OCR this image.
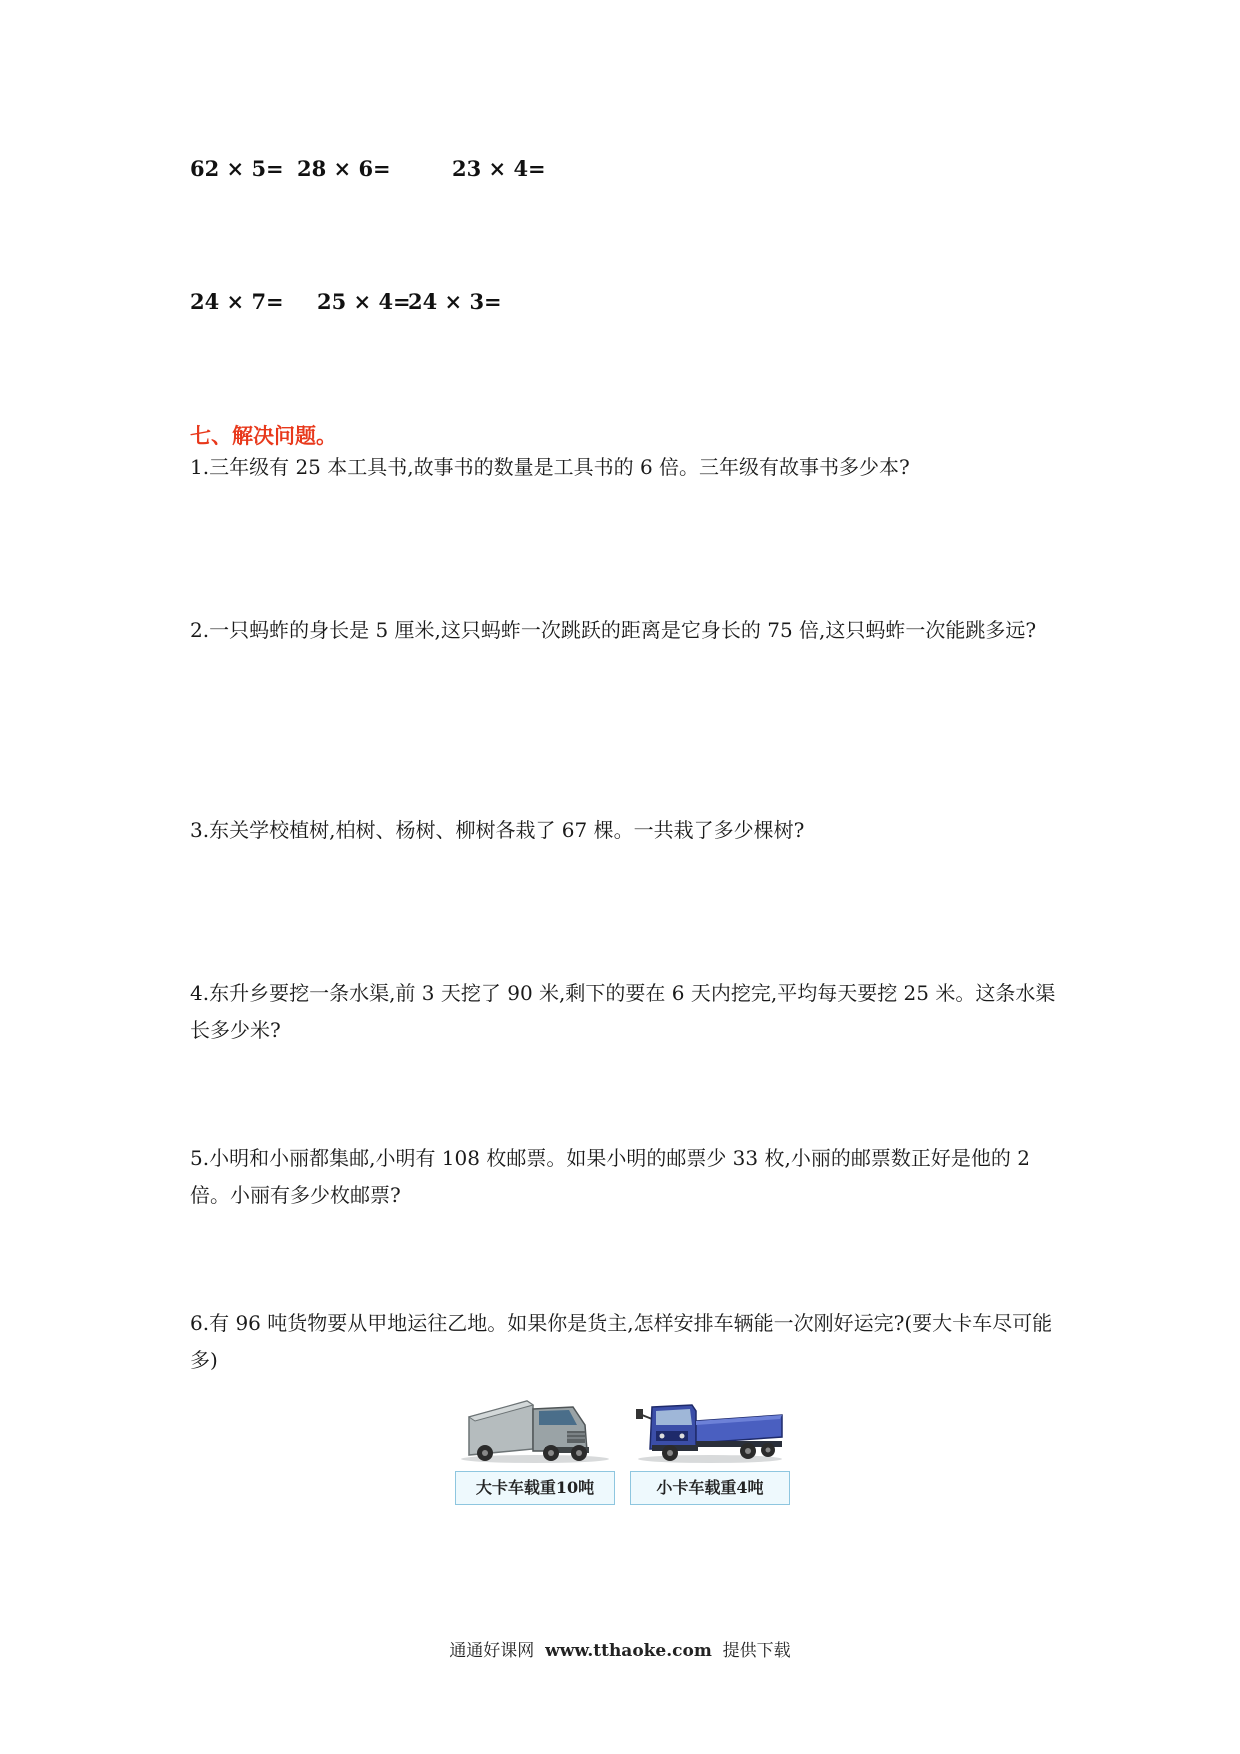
62 × 5= 28 × 6=	23 × 4=
24 × 7= 25 × 4=
24 × 3=
七、解决问题。
1.三年级有 25 本工具书,故事书的数量是工具书的 6 倍。三年级有故事书多少本?
2.一只蚂蚱的身长是 5 厘米,这只蚂蚱一次跳跃的距离是它身长的 75 倍,这只蚂蚱一次能跳多远?
3.东关学校植树,柏树、杨树、柳树各栽了 67 棵。一共栽了多少棵树?
4.东升乡要挖一条水渠,前 3 天挖了 90 米,剩下的要在 6 天内挖完,平均每天要挖 25 米。这条水渠长多少米?
5.小明和小丽都集邮,小明有 108 枚邮票。如果小明的邮票少 33 枚,小丽的邮票数正好是他的 2 倍。小丽有多少枚邮票?
6.有 96 吨货物要从甲地运往乙地。如果你是货主,怎样安排车辆能一次刚好运完?(要大卡车尽可能多)
大卡车载重10吨	小卡车载重4吨
通通好课网 www.tthaoke.com 提供下载
